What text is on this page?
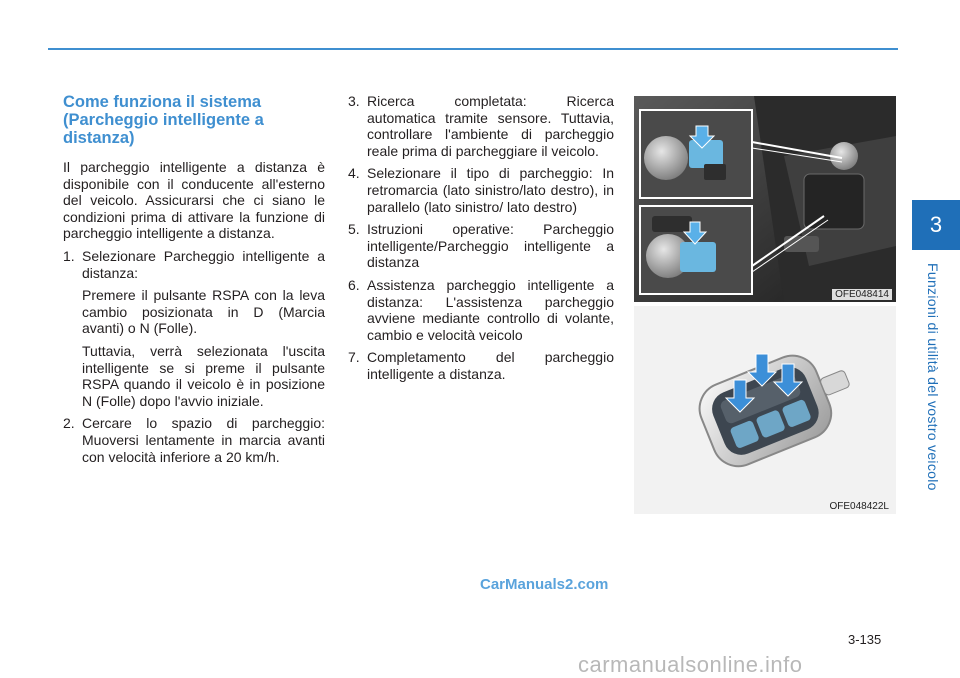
3
Funzioni di utilità del vostro veicolo
Come funziona il sistema (Parcheggio intelligente a distanza)

Il parcheggio intelligente a distanza è disponibile con il conducente all'esterno del veicolo. Assicurarsi che ci siano le condizioni prima di attivare la funzione di parcheggio intelligente a distanza.

1. Selezionare Parcheggio intelligente a distanza:

Premere il pulsante RSPA con la leva cambio posizionata in D (Marcia avanti) o N (Folle).

Tuttavia, verrà selezionata l'uscita intelligente se si preme il pulsante RSPA quando il veicolo è in posizione N (Folle) dopo l'avvio iniziale.

2. Cercare lo spazio di parcheggio: Muoversi lentamente in marcia avanti con velocità inferiore a 20 km/h.
3. Ricerca completata: Ricerca automatica tramite sensore. Tuttavia, controllare l'ambiente di parcheggio reale prima di parcheggiare il veicolo.
4. Selezionare il tipo di parcheggio: In retromarcia (lato sinistro/lato destro), in parallelo (lato sinistro/ lato destro)
5. Istruzioni operative: Parcheggio intelligente/Parcheggio intelligente a distanza
6. Assistenza parcheggio intelligente a distanza: L'assistenza parcheggio avviene mediante controllo di volante, cambio e velocità veicolo
7. Completamento del parcheggio intelligente a distanza.
OFE048414
OFE048422L
CarManuals2.com
3-135
carmanualsonline.info
